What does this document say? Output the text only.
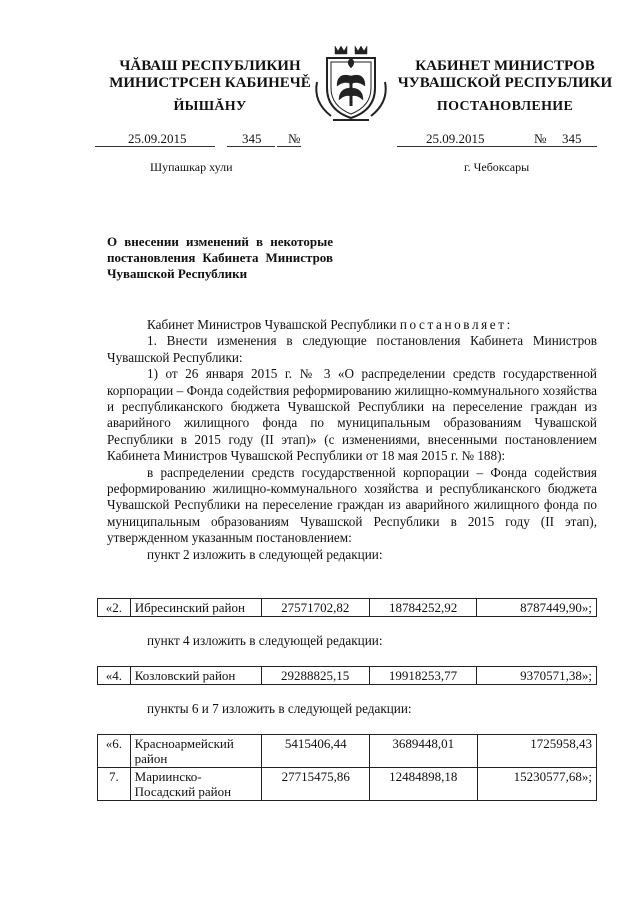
ЧĂВАШ РЕСПУБЛИКИН
МИНИСТРСЕН КАБИНЕЧĚ
КАБИНЕТ МИНИСТРОВ
ЧУВАШСКОЙ РЕСПУБЛИКИ
ЙЫШĂНУ	ПОСТАНОВЛЕНИЕ
25.09.2015	345 №	25.09.2015	№ 345
Шупашкар хули	г. Чебоксары
О внесении изменений в некоторые постановления Кабинета Министров Чувашской Республики

Кабинет Министров Чувашской Республики постановляет:

1. Внести изменения в следующие постановления Кабинета Министров Чувашской Республики:

1) от 26 января 2015 г. № 3 «О распределении средств государственной корпорации – Фонда содействия реформированию жилищно-коммунального хозяйства и республиканского бюджета Чувашской Республики на переселение граждан из аварийного жилищного фонда по муниципальным образованиям Чувашской Республики в 2015 году (II этап)» (с изменениями, внесенными постановлением Кабинета Министров Чувашской Республики от 18 мая 2015 г. № 188):

в распределении средств государственной корпорации – Фонда содействия реформированию жилищно-коммунального хозяйства и республиканского бюджета Чувашской Республики на переселение граждан из аварийного жилищного фонда по муниципальным образованиям Чувашской Республики в 2015 году (II этап), утвержденном указанным постановлением:

пункт 2 изложить в следующей редакции:

«2.	Ибресинский район	27571702,82	18784252,92	8787449,90»;
пункт 4 изложить в следующей редакции:
«4.	Козловский район	29288825,15	19918253,77	9370571,38»;
пункты 6 и 7 изложить в следующей редакции:
«6.	Красноармейский район	5415406,44	3689448,01	1725958,43
7.	Мариинско-Посадский район	27715475,86	12484898,18	15230577,68»;
